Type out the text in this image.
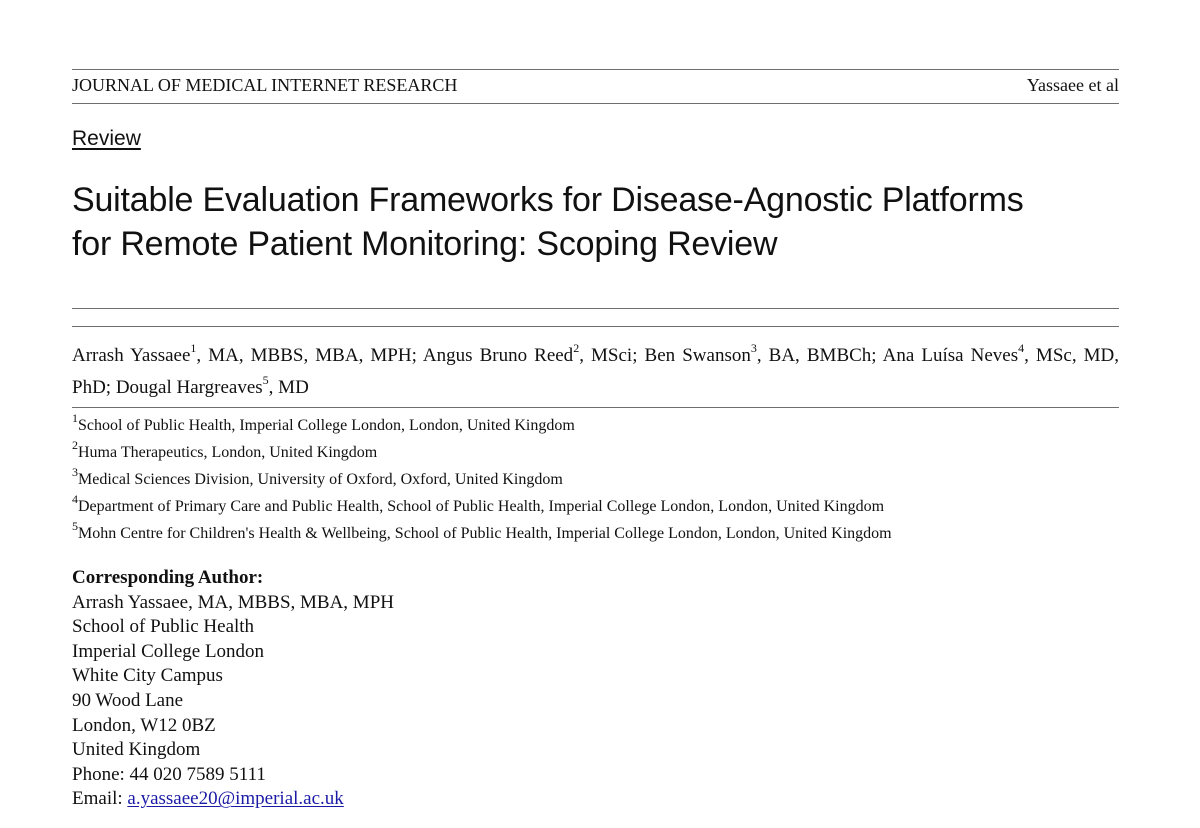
JOURNAL OF MEDICAL INTERNET RESEARCH	Yassaee et al
Review
Suitable Evaluation Frameworks for Disease-Agnostic Platforms
for Remote Patient Monitoring: Scoping Review
Arrash Yassaee$^1$, MA, MBBS, MBA, MPH; Angus Bruno Reed$^2$, MSci; Ben Swanson$^3$, BA, BMBCh; Ana Luísa Neves$^4$, MSc, MD, PhD; Dougal Hargreaves$^5$, MD
$^1$School of Public Health, Imperial College London, London, United Kingdom
$^2$Huma Therapeutics, London, United Kingdom
$^3$Medical Sciences Division, University of Oxford, Oxford, United Kingdom
$^4$Department of Primary Care and Public Health, School of Public Health, Imperial College London, London, United Kingdom
$^5$Mohn Centre for Children's Health & Wellbeing, School of Public Health, Imperial College London, London, United Kingdom
Corresponding Author:
Arrash Yassaee, MA, MBBS, MBA, MPH
School of Public Health
Imperial College London
White City Campus
90 Wood Lane
London, W12 0BZ
United Kingdom
Phone: 44 020 7589 5111
Email: a.yassaee20@imperial.ac.uk
